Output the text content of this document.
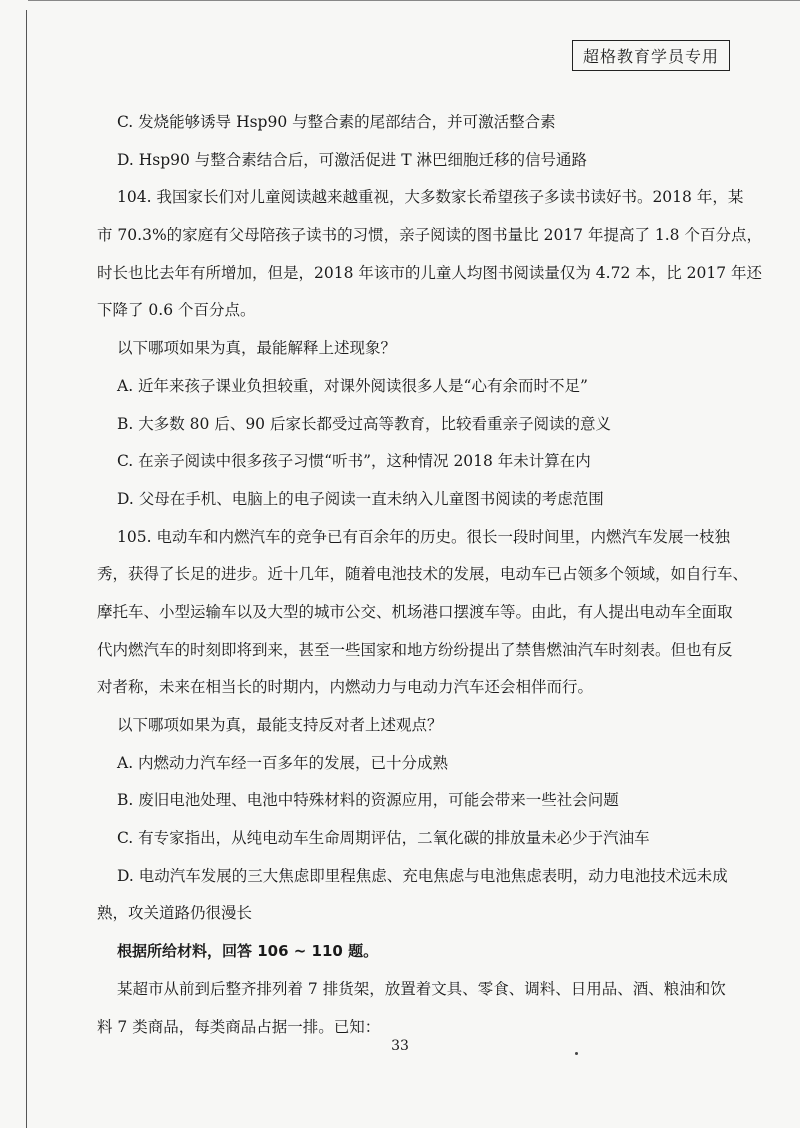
超格教育学员专用

C. 发烧能够诱导 Hsp90 与整合素的尾部结合，并可激活整合素

D. Hsp90 与整合素结合后，可激活促进 T 淋巴细胞迁移的信号通路

104. 我国家长们对儿童阅读越来越重视，大多数家长希望孩子多读书读好书。2018 年，某

市 70.3%的家庭有父母陪孩子读书的习惯，亲子阅读的图书量比 2017 年提高了 1.8 个百分点，

时长也比去年有所增加，但是，2018 年该市的儿童人均图书阅读量仅为 4.72 本，比 2017 年还

下降了 0.6 个百分点。

以下哪项如果为真，最能解释上述现象？

A. 近年来孩子课业负担较重，对课外阅读很多人是“心有余而时不足”

B. 大多数 80 后、90 后家长都受过高等教育，比较看重亲子阅读的意义

C. 在亲子阅读中很多孩子习惯“听书”，这种情况 2018 年未计算在内

D. 父母在手机、电脑上的电子阅读一直未纳入儿童图书阅读的考虑范围

105. 电动车和内燃汽车的竞争已有百余年的历史。很长一段时间里，内燃汽车发展一枝独

秀，获得了长足的进步。近十几年，随着电池技术的发展，电动车已占领多个领域，如自行车、

摩托车、小型运输车以及大型的城市公交、机场港口摆渡车等。由此，有人提出电动车全面取

代内燃汽车的时刻即将到来，甚至一些国家和地方纷纷提出了禁售燃油汽车时刻表。但也有反

对者称，未来在相当长的时期内，内燃动力与电动力汽车还会相伴而行。

以下哪项如果为真，最能支持反对者上述观点？

A. 内燃动力汽车经一百多年的发展，已十分成熟

B. 废旧电池处理、电池中特殊材料的资源应用，可能会带来一些社会问题

C. 有专家指出，从纯电动车生命周期评估，二氧化碳的排放量未必少于汽油车

D. 电动汽车发展的三大焦虑即里程焦虑、充电焦虑与电池焦虑表明，动力电池技术远未成

熟，攻关道路仍很漫长

根据所给材料，回答 106 ~ 110 题。

某超市从前到后整齐排列着 7 排货架，放置着文具、零食、调料、日用品、酒、粮油和饮

料 7 类商品，每类商品占据一排。已知：

33
